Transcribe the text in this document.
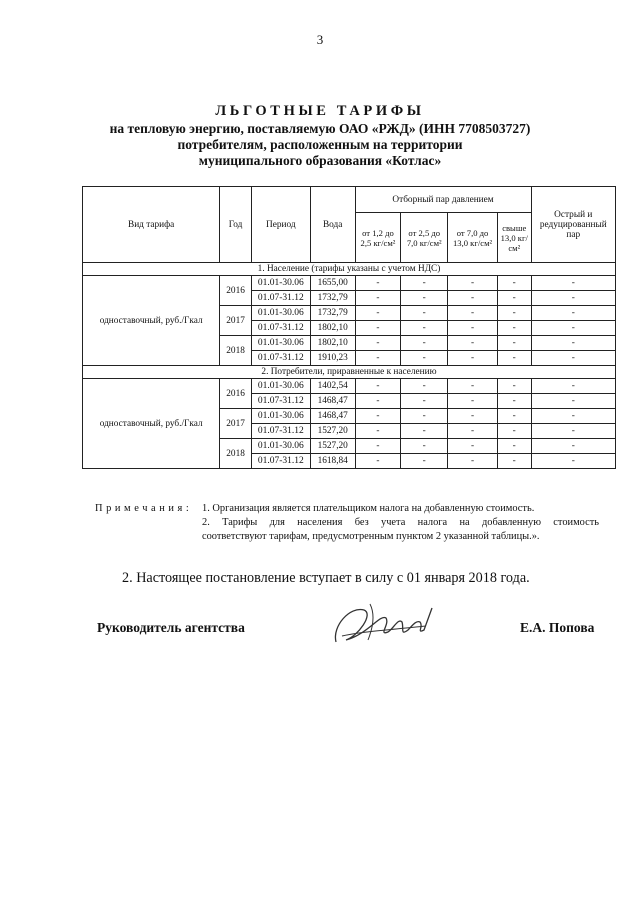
3
ЛЬГОТНЫЕ ТАРИФЫ
на тепловую энергию, поставляемую ОАО «РЖД» (ИНН 7708503727)
потребителям, расположенным на территории
муниципального образования «Котлас»
Вид тарифа	Год	Период	Вода	Отборный пар давлением				Острый и редуцированный пар
				от 1,2 до 2,5 кг/см²	от 2,5 до 7,0 кг/см²	от 7,0 до 13,0 кг/см²	свыше 13,0 кг/см²	
1. Население (тарифы указаны с учетом НДС)								
одноставочный, руб./Гкал	2016	01.01-30.06	1655,00	-	-	-	-	-
		01.07-31.12	1732,79	-	-	-	-	-
	2017	01.01-30.06	1732,79	-	-	-	-	-
		01.07-31.12	1802,10	-	-	-	-	-
	2018	01.01-30.06	1802,10	-	-	-	-	-
		01.07-31.12	1910,23	-	-	-	-	-
2. Потребители, приравненные к населению								
одноставочный, руб./Гкал	2016	01.01-30.06	1402,54	-	-	-	-	-
		01.07-31.12	1468,47	-	-	-	-	-
	2017	01.01-30.06	1468,47	-	-	-	-	-
		01.07-31.12	1527,20	-	-	-	-	-
	2018	01.01-30.06	1527,20	-	-	-	-	-
		01.07-31.12	1618,84	-	-	-	-	-
Примечания: 1. Организация является плательщиком налога на добавленную стоимость.
2. Тарифы для населения без учета налога на добавленную стоимость
соответствуют тарифам, предусмотренным пунктом 2 указанной таблицы.».
2. Настоящее постановление вступает в силу с 01 января 2018 года.
Руководитель агентства	Е.А. Попова
